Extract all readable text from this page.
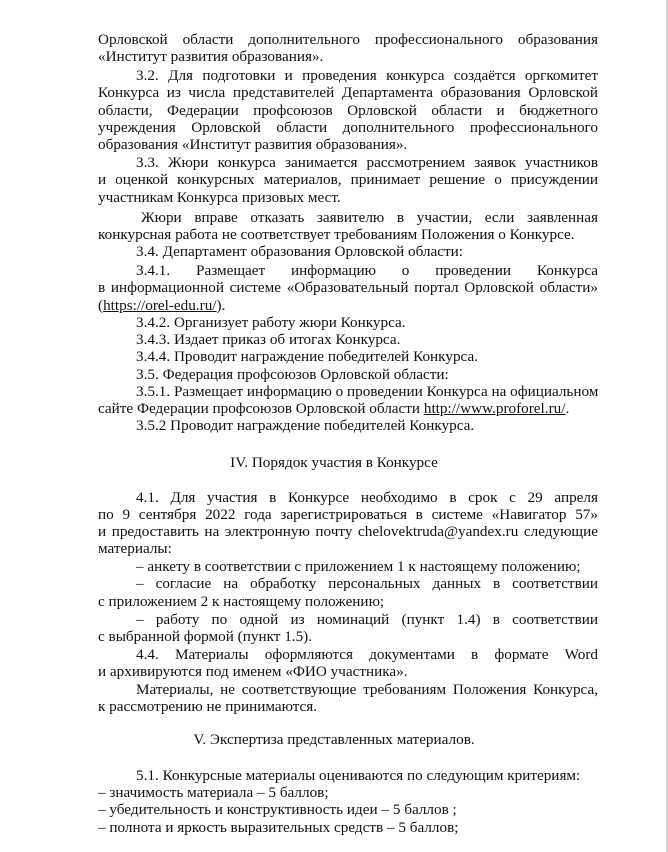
Орловской области дополнительного профессионального образования
«Институт развития образования».
3.2. Для подготовки и проведения конкурса создаётся оргкомитет
Конкурса из числа представителей Департамента образования Орловской
области, Федерации профсоюзов Орловской области и бюджетного
учреждения Орловской области дополнительного профессионального
образования «Институт развития образования».
3.3. Жюри конкурса занимается рассмотрением заявок участников
и оценкой конкурсных материалов, принимает решение о присуждении
участникам Конкурса призовых мест.
Жюри вправе отказать заявителю в участии, если заявленная
конкурсная работа не соответствует требованиям Положения о Конкурсе.
3.4. Департамент образования Орловской области:
3.4.1. Размещает информацию о проведении Конкурса
в информационной системе «Образовательный портал Орловской области»
(https://orel-edu.ru/).
3.4.2. Организует работу жюри Конкурса.
3.4.3. Издает приказ об итогах Конкурса.
3.4.4. Проводит награждение победителей Конкурса.
3.5. Федерация профсоюзов Орловской области:
3.5.1. Размещает информацию о проведении Конкурса на официальном
сайте Федерации профсоюзов Орловской области http://www.proforel.ru/.
3.5.2 Проводит награждение победителей Конкурса.
IV. Порядок участия в Конкурсе
4.1. Для участия в Конкурсе необходимо в срок с 29 апреля
по 9 сентября 2022 года зарегистрироваться в системе «Навигатор 57»
и предоставить на электронную почту chelovektruda@yandex.ru следующие
материалы:
– анкету в соответствии с приложением 1 к настоящему положению;
– согласие на обработку персональных данных в соответствии
с приложением 2 к настоящему положению;
– работу по одной из номинаций (пункт 1.4) в соответствии
с выбранной формой (пункт 1.5).
4.4. Материалы оформляются документами в формате Word
и архивируются под именем «ФИО участника».
Материалы, не соответствующие требованиям Положения Конкурса,
к рассмотрению не принимаются.
V. Экспертиза представленных материалов.
5.1. Конкурсные материалы оцениваются по следующим критериям:
– значимость материала – 5 баллов;
– убедительность и конструктивность идеи – 5 баллов ;
– полнота и яркость выразительных средств – 5 баллов;
